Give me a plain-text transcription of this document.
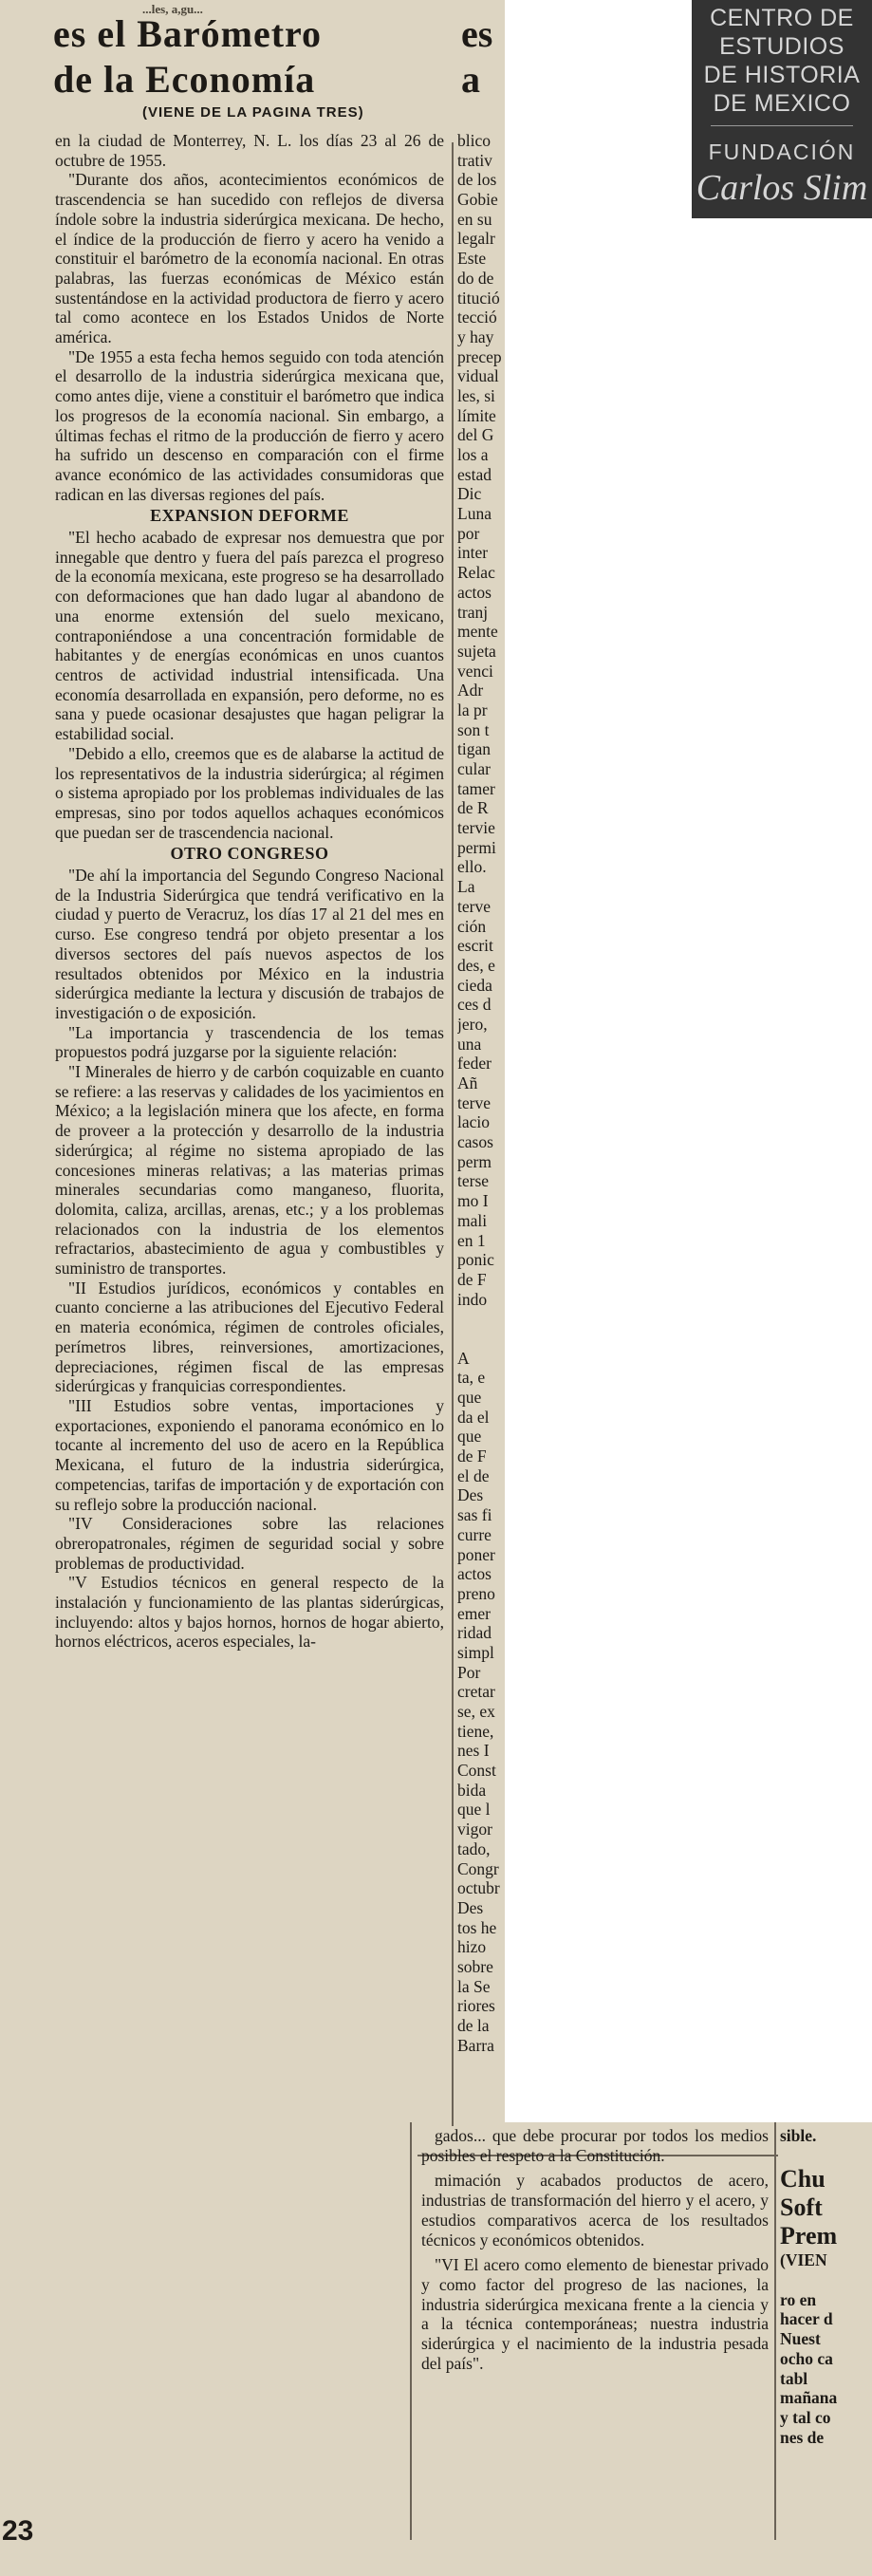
CENTRO DE
ESTUDIOS
DE HISTORIA
DE MEXICO
FUNDACIÓN
Carlos Slim
...les, a,gu...
es el Barómetro
de la Economía
es
a
(VIENE DE LA PAGINA TRES)

en la ciudad de Monterrey, N. L. los días 23 al 26 de octubre de 1955.

"Durante dos años, acontecimientos económicos de trascendencia se han sucedido con reflejos de diversa índole sobre la industria siderúrgica mexicana. De hecho, el índice de la producción de fierro y acero ha venido a constituir el barómetro de la economía nacional. En otras palabras, las fuerzas económicas de México están sustentándose en la actividad productora de fierro y acero tal como acontece en los Estados Unidos de Norte américa.

"De 1955 a esta fecha hemos seguido con toda atención el desarrollo de la industria siderúrgica mexicana que, como antes dije, viene a constituir el barómetro que indica los progresos de la economía nacional. Sin embargo, a últimas fechas el ritmo de la producción de fierro y acero ha sufrido un descenso en comparación con el firme avance económico de las actividades consumidoras que radican en las diversas regiones del país.

EXPANSION DEFORME

"El hecho acabado de expresar nos demuestra que por innegable que dentro y fuera del país parezca el progreso de la economía mexicana, este progreso se ha desarrollado con deformaciones que han dado lugar al abandono de una enorme extensión del suelo mexicano, contraponiéndose a una concentración formidable de habitantes y de energías económicas en unos cuantos centros de actividad industrial intensificada. Una economía desarrollada en expansión, pero deforme, no es sana y puede ocasionar desajustes que hagan peligrar la estabilidad social.

"Debido a ello, creemos que es de alabarse la actitud de los representativos de la industria siderúrgica; al régimen o sistema apropiado por los problemas individuales de las empresas, sino por todos aquellos achaques económicos que puedan ser de trascendencia nacional.

OTRO CONGRESO

"De ahí la importancia del Segundo Congreso Nacional de la Industria Siderúrgica que tendrá verificativo en la ciudad y puerto de Veracruz, los días 17 al 21 del mes en curso. Ese congreso tendrá por objeto presentar a los diversos sectores del país nuevos aspectos de los resultados obtenidos por México en la industria siderúrgica mediante la lectura y discusión de trabajos de investigación o de exposición.

"La importancia y trascendencia de los temas propuestos podrá juzgarse por la siguiente relación:

"I Minerales de hierro y de carbón coquizable en cuanto se refiere: a las reservas y calidades de los yacimientos en México; a la legislación minera que los afecte, en forma de proveer a la protección y desarrollo de la industria siderúrgica; al régime no sistema apropiado de las concesiones mineras relativas; a las materias primas minerales secundarias como manganeso, fluorita, dolomita, caliza, arcillas, arenas, etc.; y a los problemas relacionados con la industria de los elementos refractarios, abastecimiento de agua y combustibles y suministro de transportes.

"II Estudios jurídicos, económicos y contables en cuanto concierne a las atribuciones del Ejecutivo Federal en materia económica, régimen de controles oficiales, perímetros libres, reinversiones, amortizaciones, depreciaciones, régimen fiscal de las empresas siderúrgicas y franquicias correspondientes.

"III Estudios sobre ventas, importaciones y exportaciones, exponiendo el panorama económico en lo tocante al incremento del uso de acero en la República Mexicana, el futuro de la industria siderúrgica, competencias, tarifas de importación y de exportación con su reflejo sobre la producción nacional.

"IV Consideraciones sobre las relaciones obreropatronales, régimen de seguridad social y sobre problemas de productividad.

"V Estudios técnicos en general respecto de la instalación y funcionamiento de las plantas siderúrgicas, incluyendo: altos y bajos hornos, hornos de hogar abierto, hornos eléctricos, aceros especiales, la-

blico
trativ
de los
Gobie
en su
legalr
Este
do de
titució
tecció
y hay
precep
vidual
les, si
límite
del G
los a
estad
Dic
Luna
por
inter
Relac
actos
tranj
mente
sujeta
venci
Adr
la pr
son t
tigan
cular
tamer
de R
tervie
permi
ello.
La
terve
ción
escrit
des, e
cieda
ces d
jero,
una
feder
Añ
terve
lacio
casos
perm
terse
mo I
mali
en 1
ponic
de F
indo
A
ta, e
que
da el
que
de F
el de
Des
sas fi
curre
poner
actos
preno
emer
ridad
simpl
Por
cretar
se, ex
tiene,
nes I
Const
bida
que l
vigor
tado,
Congr
octubr
Des
tos he
hizo
sobre
la Se
riores
de la
Barra

gados... que debe procurar por todos los medios posibles el respeto a la Constitución.

mimación y acabados productos de acero, industrias de transformación del hierro y el acero, y estudios comparativos acerca de los resultados técnicos y económicos obtenidos.

"VI El acero como elemento de bienestar privado y como factor del progreso de las naciones, la industria siderúrgica mexicana frente a la ciencia y a la técnica contemporáneas; nuestra industria siderúrgica y el nacimiento de la industria pesada del país".

sible.
Chu
Soft
Prem
(VIEN
ro en
hacer d
Nuest
ocho ca
tabl
mañana
y tal co
nes de

23
